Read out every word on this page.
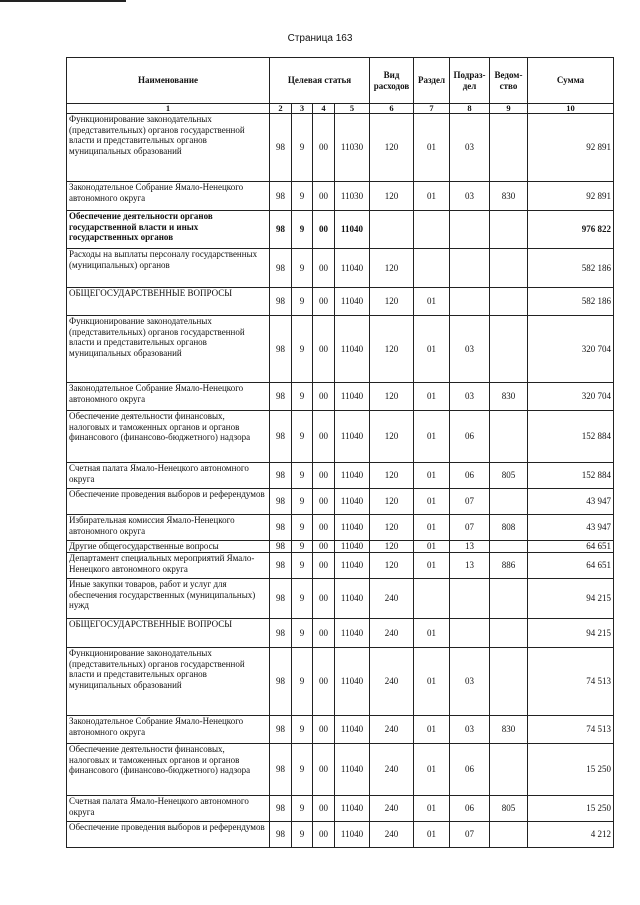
Страница 163
Наименование	Целевая статья				Вид расходов	Раздел	Подраз-дел	Ведом-ство	Сумма
1	2	3	4	5	6	7	8	9	10
Функционирование законодательных (представительных) органов государственной власти и представительных органов муниципальных образований	98	9	00	11030	120	01	03		92 891
Законодательное Собрание Ямало-Ненецкого автономного округа	98	9	00	11030	120	01	03	830	92 891
Обеспечение деятельности органов государственной власти и иных государственных органов	98	9	00	11040					976 822
Расходы на выплаты персоналу государственных (муниципальных) органов	98	9	00	11040	120				582 186
ОБЩЕГОСУДАРСТВЕННЫЕ ВОПРОСЫ	98	9	00	11040	120	01			582 186
Функционирование законодательных (представительных) органов государственной власти и представительных органов муниципальных образований	98	9	00	11040	120	01	03		320 704
Законодательное Собрание Ямало-Ненецкого автономного округа	98	9	00	11040	120	01	03	830	320 704
Обеспечение деятельности финансовых, налоговых и таможенных органов и органов финансового (финансово-бюджетного) надзора	98	9	00	11040	120	01	06		152 884
Счетная палата Ямало-Ненецкого автономного округа	98	9	00	11040	120	01	06	805	152 884
Обеспечение проведения выборов и референдумов	98	9	00	11040	120	01	07		43 947
Избирательная комиссия Ямало-Ненецкого автономного округа	98	9	00	11040	120	01	07	808	43 947
Другие общегосударственные вопросы	98	9	00	11040	120	01	13		64 651
Департамент специальных мероприятий Ямало-Ненецкого автономного округа	98	9	00	11040	120	01	13	886	64 651
Иные закупки товаров, работ и услуг для обеспечения государственных (муниципальных) нужд	98	9	00	11040	240				94 215
ОБЩЕГОСУДАРСТВЕННЫЕ ВОПРОСЫ	98	9	00	11040	240	01			94 215
Функционирование законодательных (представительных) органов государственной власти и представительных органов муниципальных образований	98	9	00	11040	240	01	03		74 513
Законодательное Собрание Ямало-Ненецкого автономного округа	98	9	00	11040	240	01	03	830	74 513
Обеспечение деятельности финансовых, налоговых и таможенных органов и органов финансового (финансово-бюджетного) надзора	98	9	00	11040	240	01	06		15 250
Счетная палата Ямало-Ненецкого автономного округа	98	9	00	11040	240	01	06	805	15 250
Обеспечение проведения выборов и референдумов	98	9	00	11040	240	01	07		4 212
